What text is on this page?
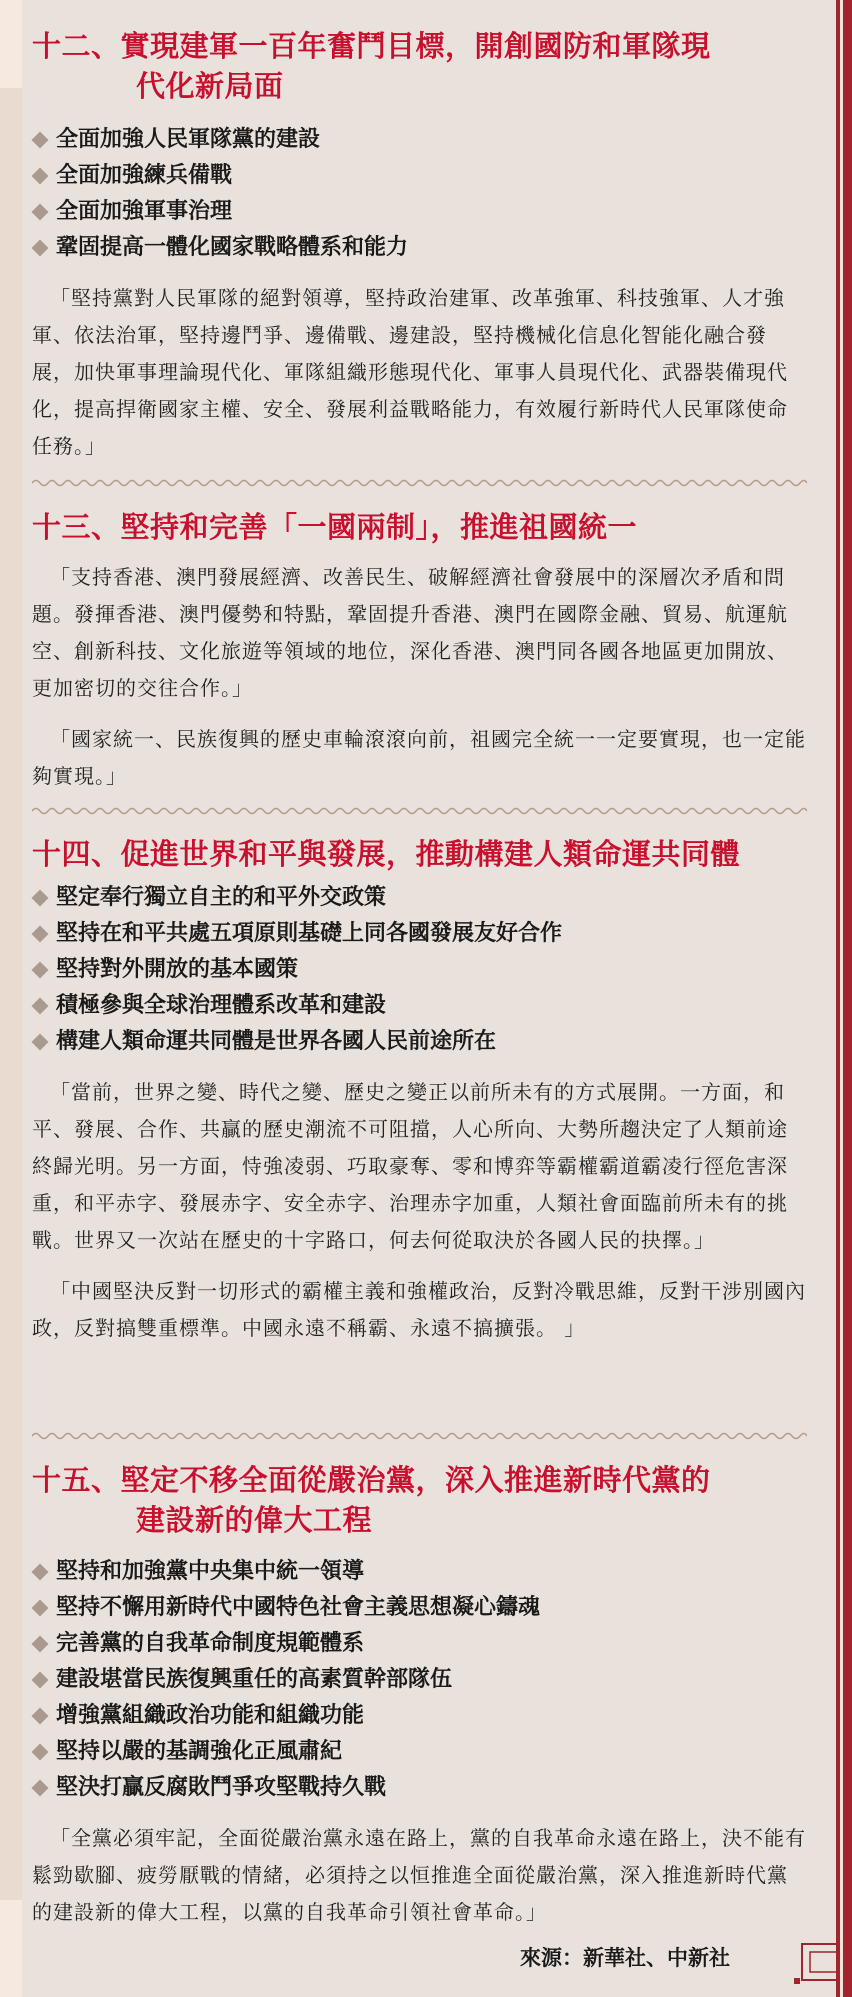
十二、實現建軍一百年奮鬥目標，開創國防和軍隊現
代化新局面
全面加強人民軍隊黨的建設
全面加強練兵備戰
全面加強軍事治理
鞏固提高一體化國家戰略體系和能力

「堅持黨對人民軍隊的絕對領導，堅持政治建軍、改革強軍、科技強軍、人才強軍、依法治軍，堅持邊鬥爭、邊備戰、邊建設，堅持機械化信息化智能化融合發展，加快軍事理論現代化、軍隊組織形態現代化、軍事人員現代化、武器裝備現代化，提高捍衛國家主權、安全、發展利益戰略能力，有效履行新時代人民軍隊使命任務。」

十三、堅持和完善「一國兩制」，推進祖國統一

「支持香港、澳門發展經濟、改善民生、破解經濟社會發展中的深層次矛盾和問題。發揮香港、澳門優勢和特點，鞏固提升香港、澳門在國際金融、貿易、航運航空、創新科技、文化旅遊等領域的地位，深化香港、澳門同各國各地區更加開放、更加密切的交往合作。」

「國家統一、民族復興的歷史車輪滾滾向前，祖國完全統一一定要實現，也一定能夠實現。」

十四、促進世界和平與發展，推動構建人類命運共同體
堅定奉行獨立自主的和平外交政策
堅持在和平共處五項原則基礎上同各國發展友好合作
堅持對外開放的基本國策
積極參與全球治理體系改革和建設
構建人類命運共同體是世界各國人民前途所在

「當前，世界之變、時代之變、歷史之變正以前所未有的方式展開。一方面，和平、發展、合作、共贏的歷史潮流不可阻擋，人心所向、大勢所趨決定了人類前途終歸光明。另一方面，恃強凌弱、巧取豪奪、零和博弈等霸權霸道霸凌行徑危害深重，和平赤字、發展赤字、安全赤字、治理赤字加重，人類社會面臨前所未有的挑戰。世界又一次站在歷史的十字路口，何去何從取決於各國人民的抉擇。」

「中國堅決反對一切形式的霸權主義和強權政治，反對冷戰思維，反對干涉別國內政，反對搞雙重標準。中國永遠不稱霸、永遠不搞擴張。 」

十五、堅定不移全面從嚴治黨，深入推進新時代黨的
建設新的偉大工程
堅持和加強黨中央集中統一領導
堅持不懈用新時代中國特色社會主義思想凝心鑄魂
完善黨的自我革命制度規範體系
建設堪當民族復興重任的高素質幹部隊伍
增強黨組織政治功能和組織功能
堅持以嚴的基調強化正風肅紀
堅決打贏反腐敗鬥爭攻堅戰持久戰

「全黨必須牢記，全面從嚴治黨永遠在路上，黨的自我革命永遠在路上，決不能有鬆勁歇腳、疲勞厭戰的情緒，必須持之以恒推進全面從嚴治黨，深入推進新時代黨的建設新的偉大工程，以黨的自我革命引領社會革命。」

來源：新華社、中新社
